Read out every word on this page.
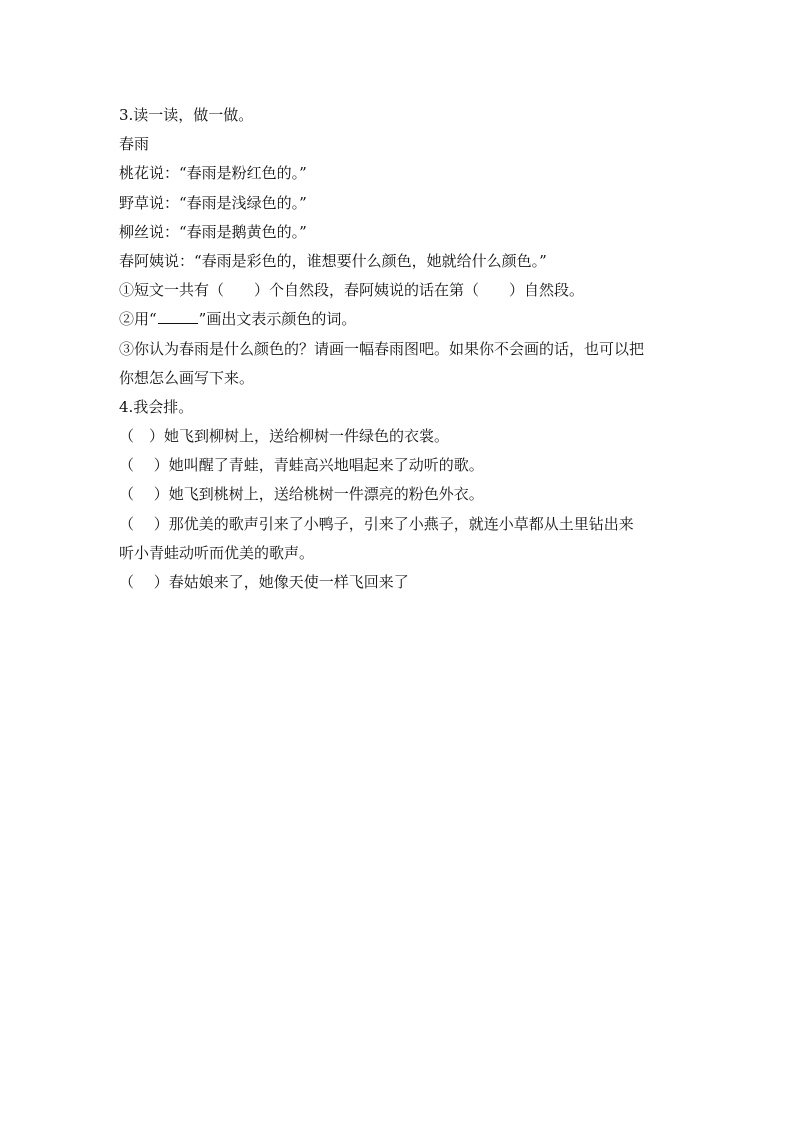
3.读一读，做一做。
春雨
桃花说：“春雨是粉红色的。”
野草说：“春雨是浅绿色的。”
柳丝说：“春雨是鹅黄色的。”
春阿姨说：“春雨是彩色的，谁想要什么颜色，她就给什么颜色。”
①短文一共有（　　）个自然段，春阿姨说的话在第（　　）自然段。
②用“	”画出文表示颜色的词。
③你认为春雨是什么颜色的？请画一幅春雨图吧。如果你不会画的话，也可以把
你想怎么画写下来。
4.我会排。
（　）她飞到柳树上，送给柳树一件绿色的衣裳。
（　 ）她叫醒了青蛙，青蛙高兴地唱起来了动听的歌。
（　 ）她飞到桃树上，送给桃树一件漂亮的粉色外衣。
（　 ）那优美的歌声引来了小鸭子，引来了小燕子，就连小草都从土里钻出来
听小青蛙动听而优美的歌声。
（　 ）春姑娘来了，她像天使一样飞回来了
